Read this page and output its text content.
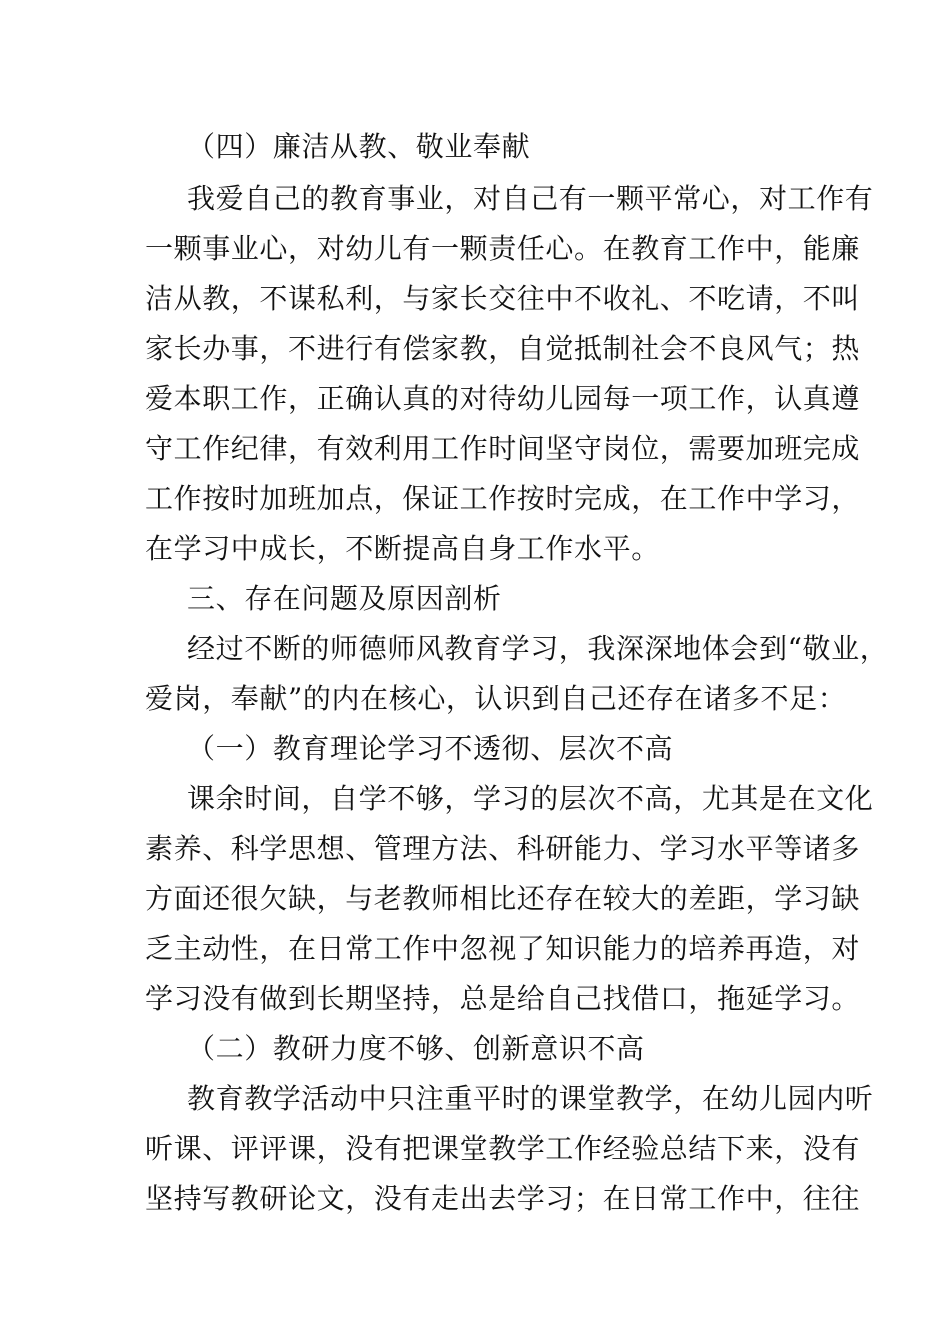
（四）廉洁从教、敬业奉献
我爱自己的教育事业，对自己有一颗平常心，对工作有
一颗事业心，对幼儿有一颗责任心。在教育工作中，能廉
洁从教，不谋私利，与家长交往中不收礼、不吃请，不叫
家长办事，不进行有偿家教，自觉抵制社会不良风气；热
爱本职工作，正确认真的对待幼儿园每一项工作，认真遵
守工作纪律，有效利用工作时间坚守岗位，需要加班完成
工作按时加班加点，保证工作按时完成，在工作中学习，
在学习中成长，不断提高自身工作水平。
三、存在问题及原因剖析
经过不断的师德师风教育学习，我深深地体会到“敬业，
爱岗，奉献”的内在核心，认识到自己还存在诸多不足：
（一）教育理论学习不透彻、层次不高
课余时间，自学不够，学习的层次不高，尤其是在文化
素养、科学思想、管理方法、科研能力、学习水平等诸多
方面还很欠缺，与老教师相比还存在较大的差距，学习缺
乏主动性，在日常工作中忽视了知识能力的培养再造，对
学习没有做到长期坚持，总是给自己找借口，拖延学习。
（二）教研力度不够、创新意识不高
教育教学活动中只注重平时的课堂教学，在幼儿园内听
听课、评评课，没有把课堂教学工作经验总结下来，没有
坚持写教研论文，没有走出去学习；在日常工作中，往往
